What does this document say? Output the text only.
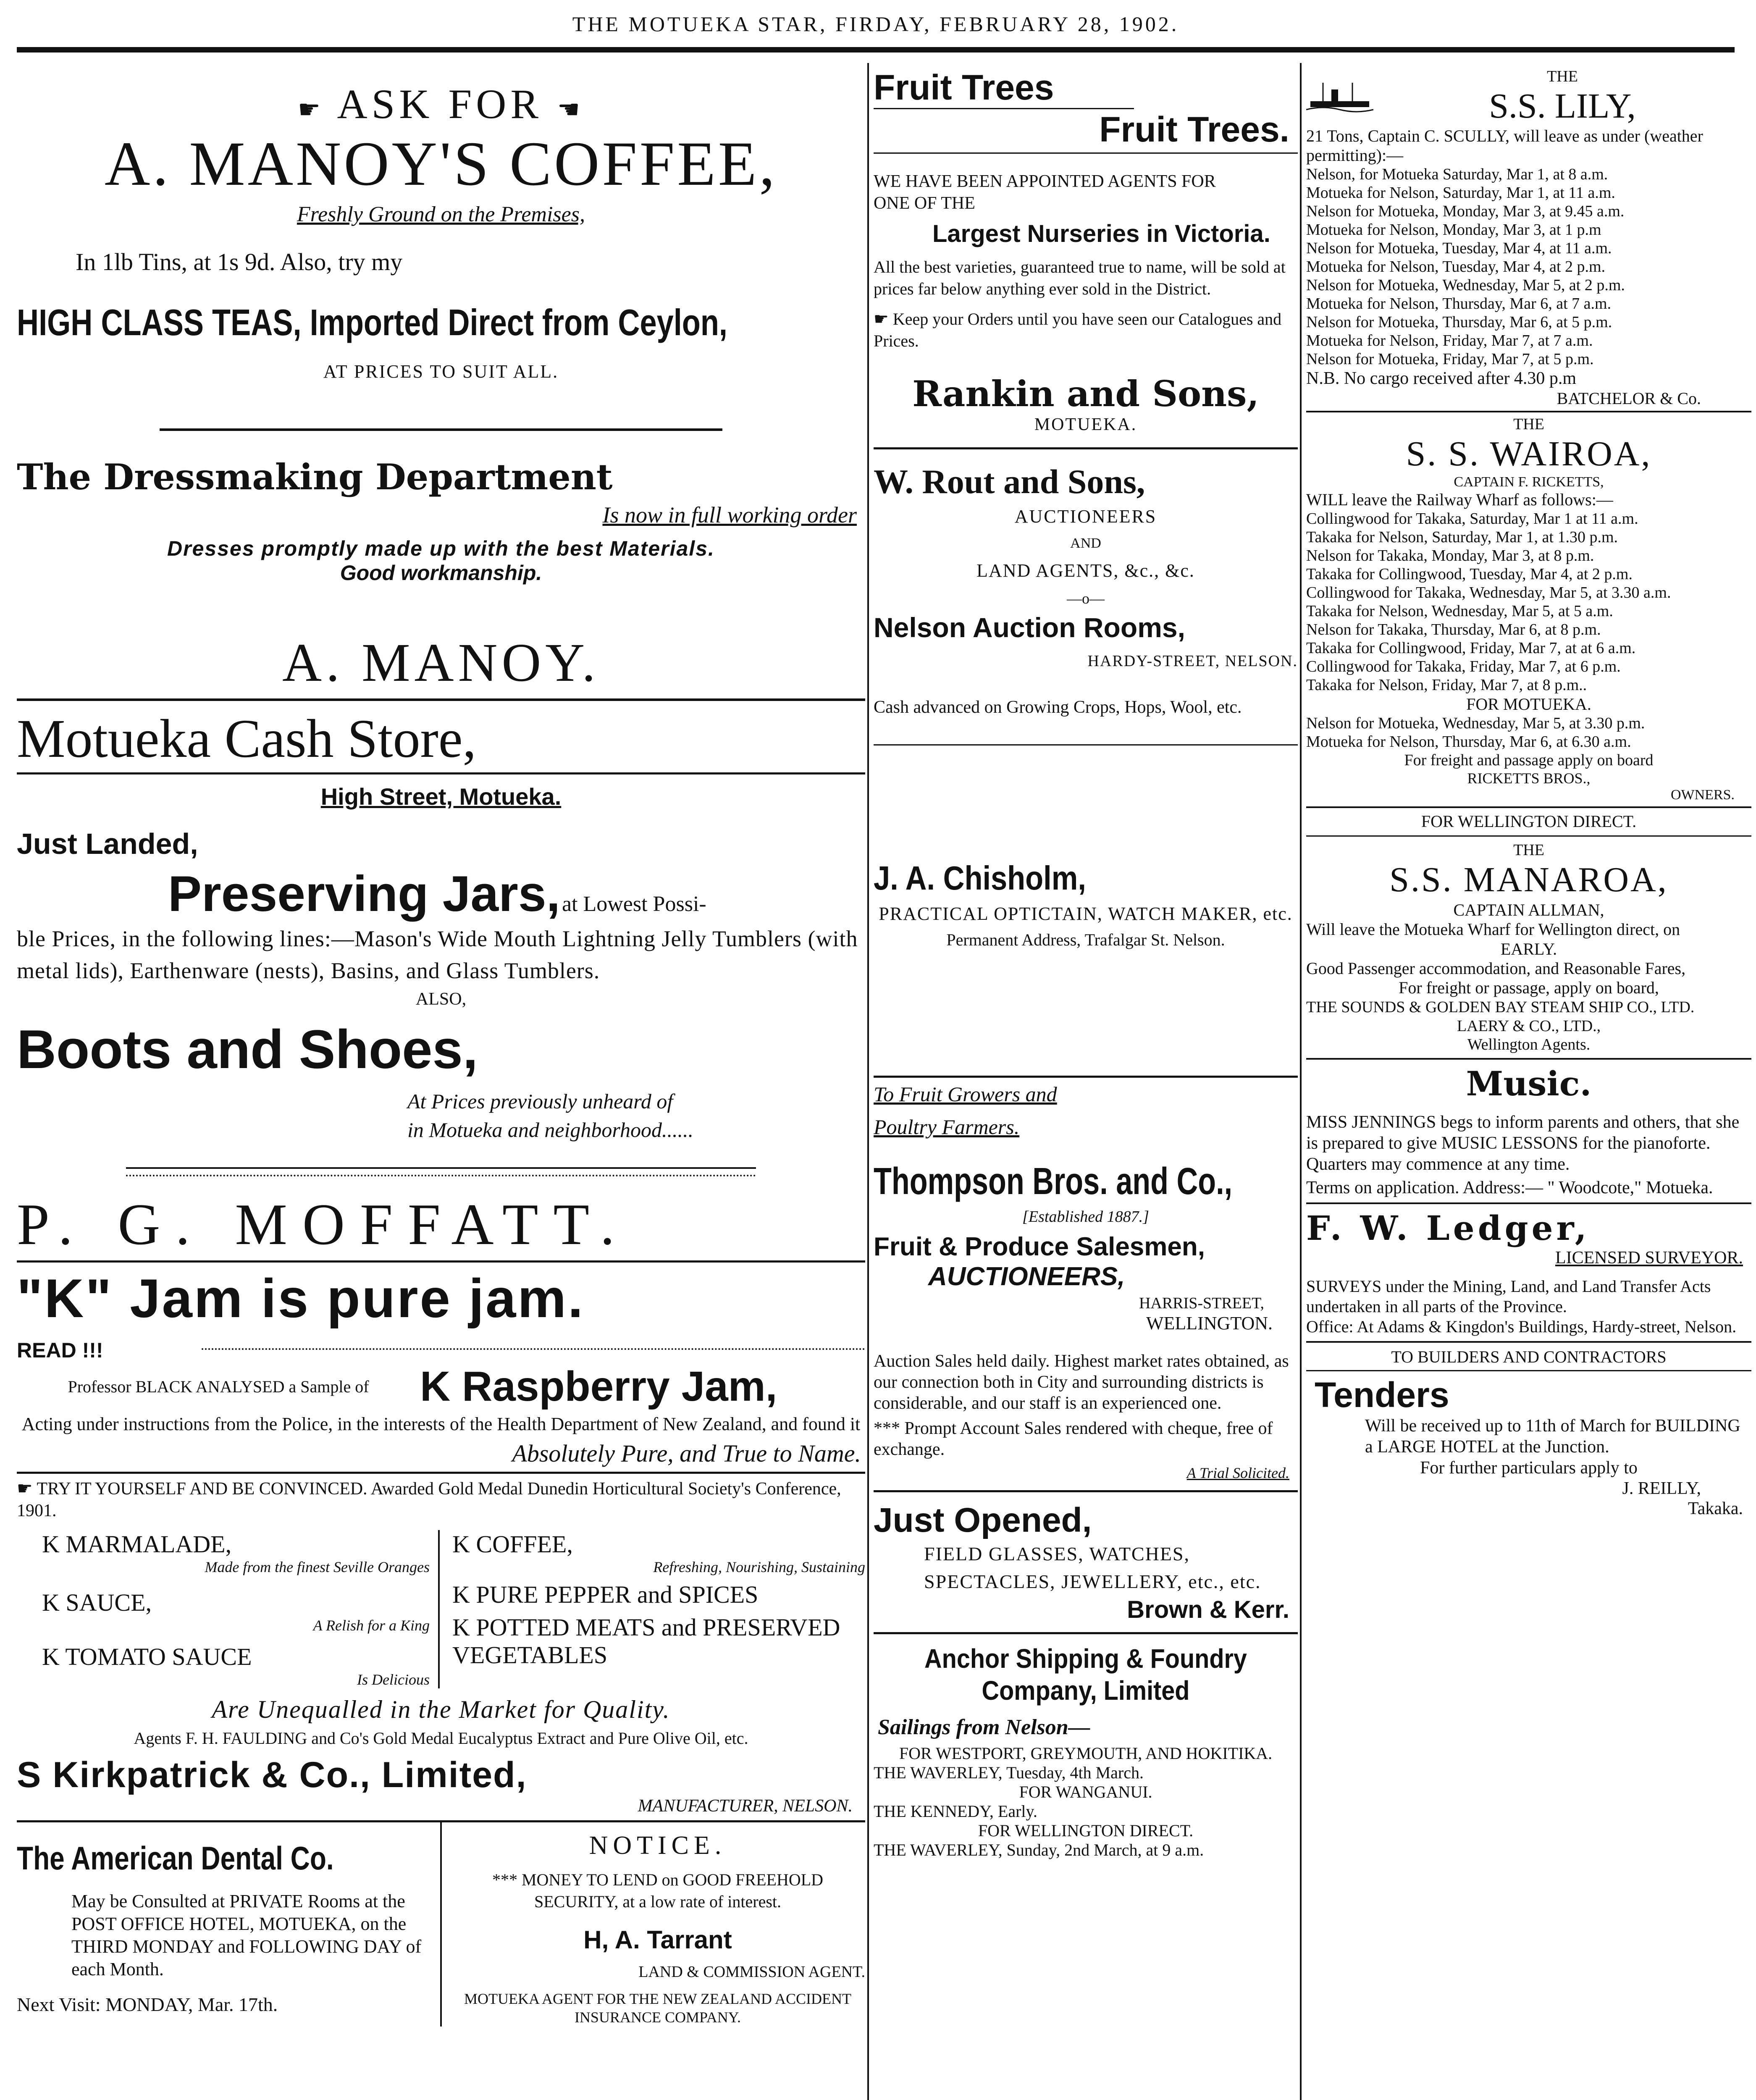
THE MOTUEKA STAR, FIRDAY, FEBRUARY 28, 1902.
☛ ASK FOR ☚
A. MANOY'S COFFEE,
Freshly Ground on the Premises,
In 1lb Tins, at 1s 9d. Also, try my
HIGH CLASS TEAS, Imported Direct from Ceylon,
AT PRICES TO SUIT ALL.
The Dressmaking Department
Is now in full working order
Dresses promptly made up with the best Materials.
Good workmanship.
A. MANOY.
Motueka Cash Store,
High Street, Motueka.
Just Landed,
Preserving Jars, at Lowest Possi-
ble Prices, in the following lines:—Mason's Wide Mouth Lightning Jelly Tumblers (with metal lids), Earthenware (nests), Basins, and Glass Tumblers.
ALSO,
Boots and Shoes,
At Prices previously unheard of
in Motueka and neighborhood......
P. G. MOFFATT.
"K" Jam is pure jam.
READ !!!
Professor BLACK ANALYSED a Sample of	K Raspberry Jam,
Acting under instructions from the Police, in the interests of the Health Department of New Zealand, and found it
Absolutely Pure, and True to Name.
☛ TRY IT YOURSELF AND BE CONVINCED. Awarded Gold Medal Dunedin Horticultural Society's Conference, 1901.
K MARMALADE,
Made from the finest Seville Oranges
K SAUCE,
A Relish for a King
K TOMATO SAUCE
Is Delicious
K COFFEE,
Refreshing, Nourishing, Sustaining
K PURE PEPPER and SPICES
K POTTED MEATS and PRESERVED VEGETABLES
Are Unequalled in the Market for Quality.
Agents F. H. FAULDING and Co's Gold Medal Eucalyptus Extract and Pure Olive Oil, etc.
S Kirkpatrick & Co., Limited,
MANUFACTURER, NELSON.
The American Dental Co.
May be Consulted at PRIVATE Rooms at the POST OFFICE HOTEL, MOTUEKA, on the THIRD MONDAY and FOLLOWING DAY of each Month.
Next Visit: MONDAY, Mar. 17th.
NOTICE.
*** MONEY TO LEND on GOOD FREEHOLD SECURITY, at a low rate of interest.
H, A. Tarrant
LAND & COMMISSION AGENT.
MOTUEKA AGENT FOR THE NEW ZEALAND ACCIDENT INSURANCE COMPANY.
Fruit Trees
Fruit Trees.
WE HAVE BEEN APPOINTED AGENTS FOR ONE OF THE
Largest Nurseries in Victoria.
All the best varieties, guaranteed true to name, will be sold at prices far below anything ever sold in the District.
☛ Keep your Orders until you have seen our Catalogues and Prices.
Rankin and Sons,
MOTUEKA.
W. Rout and Sons,
AUCTIONEERS
AND
LAND AGENTS, &c., &c.
—o—
Nelson Auction Rooms,
HARDY-STREET, NELSON.
Cash advanced on Growing Crops, Hops, Wool, etc.
J. A. Chisholm,
PRACTICAL OPTICTAIN, WATCH MAKER, etc.
Permanent Address, Trafalgar St. Nelson.
To Fruit Growers and
Poultry Farmers.
Thompson Bros. and Co.,
[Established 1887.]
Fruit & Produce Salesmen,
AUCTIONEERS,
HARRIS-STREET,
WELLINGTON.
Auction Sales held daily. Highest market rates obtained, as our connection both in City and surrounding districts is considerable, and our staff is an experienced one.
*** Prompt Account Sales rendered with cheque, free of exchange.
A Trial Solicited.
Just Opened,
FIELD GLASSES, WATCHES, SPECTACLES, JEWELLERY, etc., etc.
Brown & Kerr.
Anchor Shipping & Foundry Company, Limited
Sailings from Nelson—
FOR WESTPORT, GREYMOUTH, AND HOKITIKA.
THE WAVERLEY, Tuesday, 4th March.
FOR WANGANUI.
THE KENNEDY, Early.
FOR WELLINGTON DIRECT.
THE WAVERLEY, Sunday, 2nd March, at 9 a.m.
THE
S.S. LILY,
21 Tons, Captain C. SCULLY, will leave as under (weather permitting):—
Nelson, for Motueka Saturday, Mar 1, at 8 a.m.
Motueka for Nelson, Saturday, Mar 1, at 11 a.m.
Nelson for Motueka, Monday, Mar 3, at 9.45 a.m.
Motueka for Nelson, Monday, Mar 3, at 1 p.m
Nelson for Motueka, Tuesday, Mar 4, at 11 a.m.
Motueka for Nelson, Tuesday, Mar 4, at 2 p.m.
Nelson for Motueka, Wednesday, Mar 5, at 2 p.m.
Motueka for Nelson, Thursday, Mar 6, at 7 a.m.
Nelson for Motueka, Thursday, Mar 6, at 5 p.m.
Motueka for Nelson, Friday, Mar 7, at 7 a.m.
Nelson for Motueka, Friday, Mar 7, at 5 p.m.
N.B. No cargo received after 4.30 p.m
BATCHELOR & Co.
THE
S. S. WAIROA,
CAPTAIN F. RICKETTS,
WILL leave the Railway Wharf as follows:—
Collingwood for Takaka, Saturday, Mar 1 at 11 a.m.
Takaka for Nelson, Saturday, Mar 1, at 1.30 p.m.
Nelson for Takaka, Monday, Mar 3, at 8 p.m.
Takaka for Collingwood, Tuesday, Mar 4, at 2 p.m.
Collingwood for Takaka, Wednesday, Mar 5, at 3.30 a.m.
Takaka for Nelson, Wednesday, Mar 5, at 5 a.m.
Nelson for Takaka, Thursday, Mar 6, at 8 p.m.
Takaka for Collingwood, Friday, Mar 7, at at 6 a.m.
Collingwood for Takaka, Friday, Mar 7, at 6 p.m.
Takaka for Nelson, Friday, Mar 7, at 8 p.m..
FOR MOTUEKA.
Nelson for Motueka, Wednesday, Mar 5, at 3.30 p.m.
Motueka for Nelson, Thursday, Mar 6, at 6.30 a.m.
For freight and passage apply on board
RICKETTS BROS.,
OWNERS.
FOR WELLINGTON DIRECT.
THE
S.S. MANAROA,
CAPTAIN ALLMAN,
Will leave the Motueka Wharf for Wellington direct, on
EARLY.
Good Passenger accommodation, and Reasonable Fares,
For freight or passage, apply on board,
THE SOUNDS & GOLDEN BAY STEAM SHIP CO., LTD.
LAERY & CO., LTD.,
Wellington Agents.
Music.
MISS JENNINGS begs to inform parents and others, that she is prepared to give MUSIC LESSONS for the pianoforte. Quarters may commence at any time.
Terms on application. Address:— " Woodcote," Motueka.
F. W. Ledger,
LICENSED SURVEYOR.
SURVEYS under the Mining, Land, and Land Transfer Acts undertaken in all parts of the Province.
Office: At Adams & Kingdon's Buildings, Hardy-street, Nelson.
TO BUILDERS AND CONTRACTORS
Tenders
Will be received up to 11th of March for BUILDING a LARGE HOTEL at the Junction.
For further particulars apply to
J. REILLY,
Takaka.
